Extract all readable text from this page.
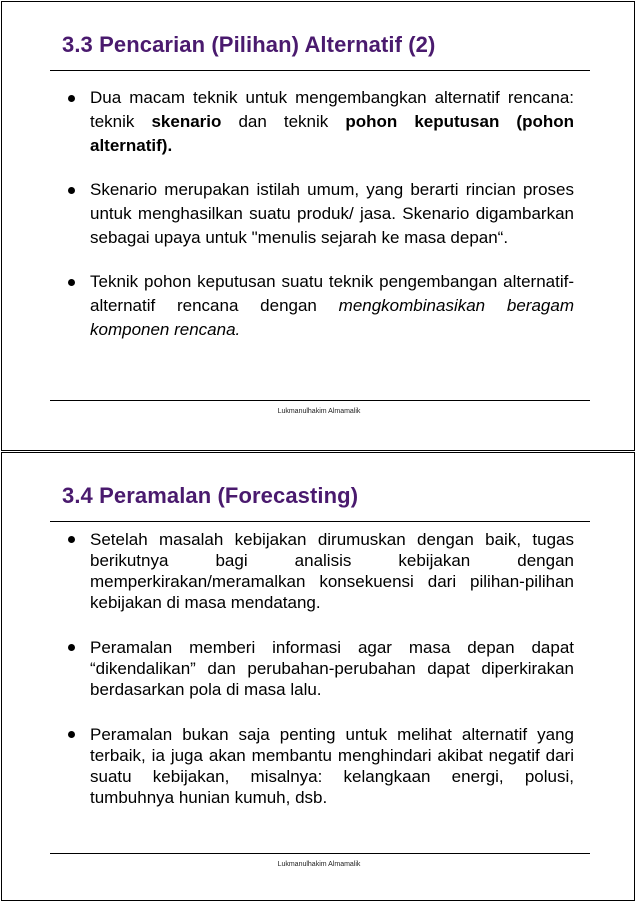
3.3 Pencarian (Pilihan) Alternatif (2)
Dua macam teknik untuk mengembangkan alternatif rencana: teknik skenario dan teknik pohon keputusan (pohon alternatif).
Skenario merupakan istilah umum, yang berarti rincian proses untuk menghasilkan suatu produk/ jasa. Skenario digambarkan sebagai upaya untuk "menulis sejarah ke masa depan“.
Teknik pohon keputusan suatu teknik pengembangan alternatif-alternatif rencana dengan mengkombinasikan beragam komponen rencana.
Lukmanulhakim Almamalik
3.4 Peramalan (Forecasting)
Setelah masalah kebijakan dirumuskan dengan baik, tugas berikutnya bagi analisis kebijakan dengan memperkirakan/meramalkan konsekuensi dari pilihan-pilihan kebijakan di masa mendatang.
Peramalan memberi informasi agar masa depan dapat “dikendalikan” dan perubahan-perubahan dapat diperkirakan berdasarkan pola di masa lalu.
Peramalan bukan saja penting untuk melihat alternatif yang terbaik, ia juga akan membantu menghindari akibat negatif dari suatu kebijakan, misalnya: kelangkaan energi, polusi, tumbuhnya hunian kumuh, dsb.
Lukmanulhakim Almamalik
